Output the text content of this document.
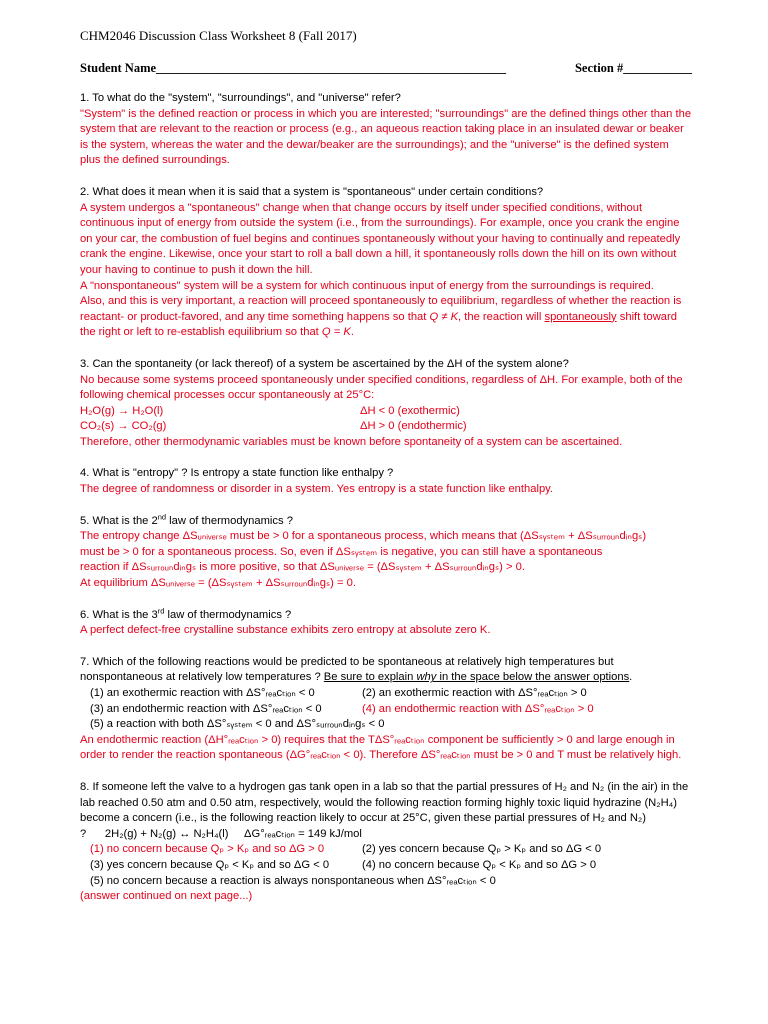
CHM2046 Discussion Class Worksheet 8 (Fall 2017)
Student Name________________________________________________________	Section #___________

1. To what do the "system", "surroundings", and "universe" refer?

"System" is the defined reaction or process in which you are interested; "surroundings" are the defined things other than the system that are relevant to the reaction or process (e.g., an aqueous reaction taking place in an insulated dewar or beaker is the system, whereas the water and the dewar/beaker are the surroundings); and the "universe" is the defined system plus the defined surroundings.

2. What does it mean when it is said that a system is "spontaneous" under certain conditions?

A system undergos a "spontaneous" change when that change occurs by itself under specified conditions, without continuous input of energy from outside the system (i.e., from the surroundings). For example, once you crank the engine on your car, the combustion of fuel begins and continues spontaneously without your having to continually and repeatedly crank the engine. Likewise, once your start to roll a ball down a hill, it spontaneously rolls down the hill on its own without your having to continue to push it down the hill.

A "nonspontaneous" system will be a system for which continuous input of energy from the surroundings is required.

Also, and this is very important, a reaction will proceed spontaneously to equilibrium, regardless of whether the reaction is reactant- or product-favored, and any time something happens so that Q ≠ K, the reaction will spontaneously shift toward the right or left to re-establish equilibrium so that Q = K.

3. Can the spontaneity (or lack thereof) of a system be ascertained by the ΔH of the system alone?

No because some systems proceed spontaneously under specified conditions, regardless of ΔH. For example, both of the following chemical processes occur spontaneously at 25°C:

H₂O(g) → H₂O(l)	ΔH < 0 (exothermic)
CO₂(s) → CO₂(g)	ΔH > 0 (endothermic)

Therefore, other thermodynamic variables must be known before spontaneity of a system can be ascertained.

4. What is "entropy" ? Is entropy a state function like enthalpy ?

The degree of randomness or disorder in a system. Yes entropy is a state function like enthalpy.

5. What is the 2nd law of thermodynamics ?

The entropy change ΔSᵤₙᵢᵥₑᵣₛₑ must be > 0 for a spontaneous process, which means that (ΔSₛᵧₛₜₑₘ + ΔSₛᵤᵣᵣₒᵤₙdᵢₙgₛ)

must be > 0 for a spontaneous process. So, even if ΔSₛᵧₛₜₑₘ is negative, you can still have a spontaneous

reaction if ΔSₛᵤᵣᵣₒᵤₙdᵢₙgₛ is more positive, so that ΔSᵤₙᵢᵥₑᵣₛₑ = (ΔSₛᵧₛₜₑₘ + ΔSₛᵤᵣᵣₒᵤₙdᵢₙgₛ) > 0.

At equilibrium ΔSᵤₙᵢᵥₑᵣₛₑ = (ΔSₛᵧₛₜₑₘ + ΔSₛᵤᵣᵣₒᵤₙdᵢₙgₛ) = 0.

6. What is the 3rd law of thermodynamics ?

A perfect defect-free crystalline substance exhibits zero entropy at absolute zero K.

7. Which of the following reactions would be predicted to be spontaneous at relatively high temperatures but nonspontaneous at relatively low temperatures ? Be sure to explain why in the space below the answer options.

(1) an exothermic reaction with ΔS°ᵣₑₐcₜᵢₒₙ < 0	(2) an exothermic reaction with ΔS°ᵣₑₐcₜᵢₒₙ > 0
(3) an endothermic reaction with ΔS°ᵣₑₐcₜᵢₒₙ < 0	(4) an endothermic reaction with ΔS°ᵣₑₐcₜᵢₒₙ > 0
(5) a reaction with both ΔS°ₛᵧₛₜₑₘ < 0 and ΔS°ₛᵤᵣᵣₒᵤₙdᵢₙgₛ < 0

An endothermic reaction (ΔH°ᵣₑₐcₜᵢₒₙ > 0) requires that the TΔS°ᵣₑₐcₜᵢₒₙ component be sufficiently > 0 and large enough in order to render the reaction spontaneous (ΔG°ᵣₑₐcₜᵢₒₙ < 0). Therefore ΔS°ᵣₑₐcₜᵢₒₙ must be > 0 and T must be relatively high.

8. If someone left the valve to a hydrogen gas tank open in a lab so that the partial pressures of H₂ and N₂ (in the air) in the lab reached 0.50 atm and 0.50 atm, respectively, would the following reaction forming highly toxic liquid hydrazine (N₂H₄) become a concern (i.e., is the following reaction likely to occur at 25°C, given these partial pressures of H₂ and N₂) ? 2H₂(g) + N₂(g) ↔ N₂H₄(l) ΔG°ᵣₑₐcₜᵢₒₙ = 149 kJ/mol

(1) no concern because Qₚ > Kₚ and so ΔG > 0	(2) yes concern because Qₚ > Kₚ and so ΔG < 0
(3) yes concern because Qₚ < Kₚ and so ΔG < 0	(4) no concern because Qₚ < Kₚ and so ΔG > 0
(5) no concern because a reaction is always nonspontaneous when ΔS°ᵣₑₐcₜᵢₒₙ < 0

(answer continued on next page...)
